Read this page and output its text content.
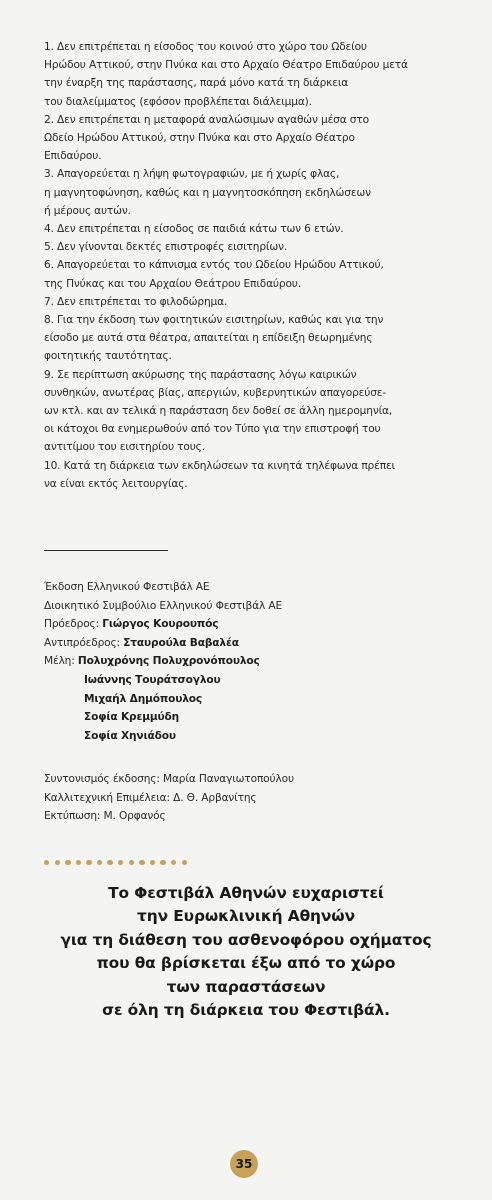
1. Δεν επιτρέπεται η είσοδος του κοινού στο χώρο του Ωδείου
Ηρώδου Αττικού, στην Πνύκα και στο Αρχαίο Θέατρο Επιδαύρου μετά
την έναρξη της παράστασης, παρά μόνο κατά τη διάρκεια
του διαλείμματος (εφόσον προβλέπεται διάλειμμα).
2. Δεν επιτρέπεται η μεταφορά αναλώσιμων αγαθών μέσα στο
Ωδείο Ηρώδου Αττικού, στην Πνύκα και στο Αρχαίο Θέατρο
Επιδαύρου.
3. Απαγορεύεται η λήψη φωτογραφιών, με ή χωρίς φλας,
η μαγνητοφώνηση, καθώς και η μαγνητοσκόπηση εκδηλώσεων
ή μέρους αυτών.
4. Δεν επιτρέπεται η είσοδος σε παιδιά κάτω των 6 ετών.
5. Δεν γίνονται δεκτές επιστροφές εισιτηρίων.
6. Απαγορεύεται το κάπνισμα εντός του Ωδείου Ηρώδου Αττικού,
της Πνύκας και του Αρχαίου Θεάτρου Επιδαύρου.
7. Δεν επιτρέπεται το φιλοδώρημα.
8. Για την έκδοση των φοιτητικών εισιτηρίων, καθώς και για την
είσοδο με αυτά στα θέατρα, απαιτείται η επίδειξη θεωρημένης
φοιτητικής ταυτότητας.
9. Σε περίπτωση ακύρωσης της παράστασης λόγω καιρικών
συνθηκών, ανωτέρας βίας, απεργιών, κυβερνητικών απαγορεύσε-
ων κτλ. και αν τελικά η παράσταση δεν δοθεί σε άλλη ημερομηνία,
οι κάτοχοι θα ενημερωθούν από τον Τύπο για την επιστροφή του
αντιτίμου του εισιτηρίου τους.
10. Κατά τη διάρκεια των εκδηλώσεων τα κινητά τηλέφωνα πρέπει
να είναι εκτός λειτουργίας.
Έκδοση Ελληνικού Φεστιβάλ ΑΕ
Διοικητικό Συμβούλιο Ελληνικού Φεστιβάλ ΑΕ
Πρόεδρος: Γιώργος Κουρουπός
Αντιπρόεδρος: Σταυρούλα Βαβαλέα
Μέλη: Πολυχρόνης Πολυχρονόπουλος
Ιωάννης Τουράτσογλου
Μιχαήλ Δημόπουλος
Σοφία Κρεμμύδη
Σοφία Χηνιάδου
Συντονισμός έκδοσης: Μαρία Παναγιωτοπούλου
Καλλιτεχνική Επιμέλεια: Δ. Θ. Αρβανίτης
Εκτύπωση: Μ. Ορφανός
Το Φεστιβάλ Αθηνών ευχαριστεί
την Ευρωκλινική Αθηνών
για τη διάθεση του ασθενοφόρου οχήματος
που θα βρίσκεται έξω από το χώρο
των παραστάσεων
σε όλη τη διάρκεια του Φεστιβάλ.
35
